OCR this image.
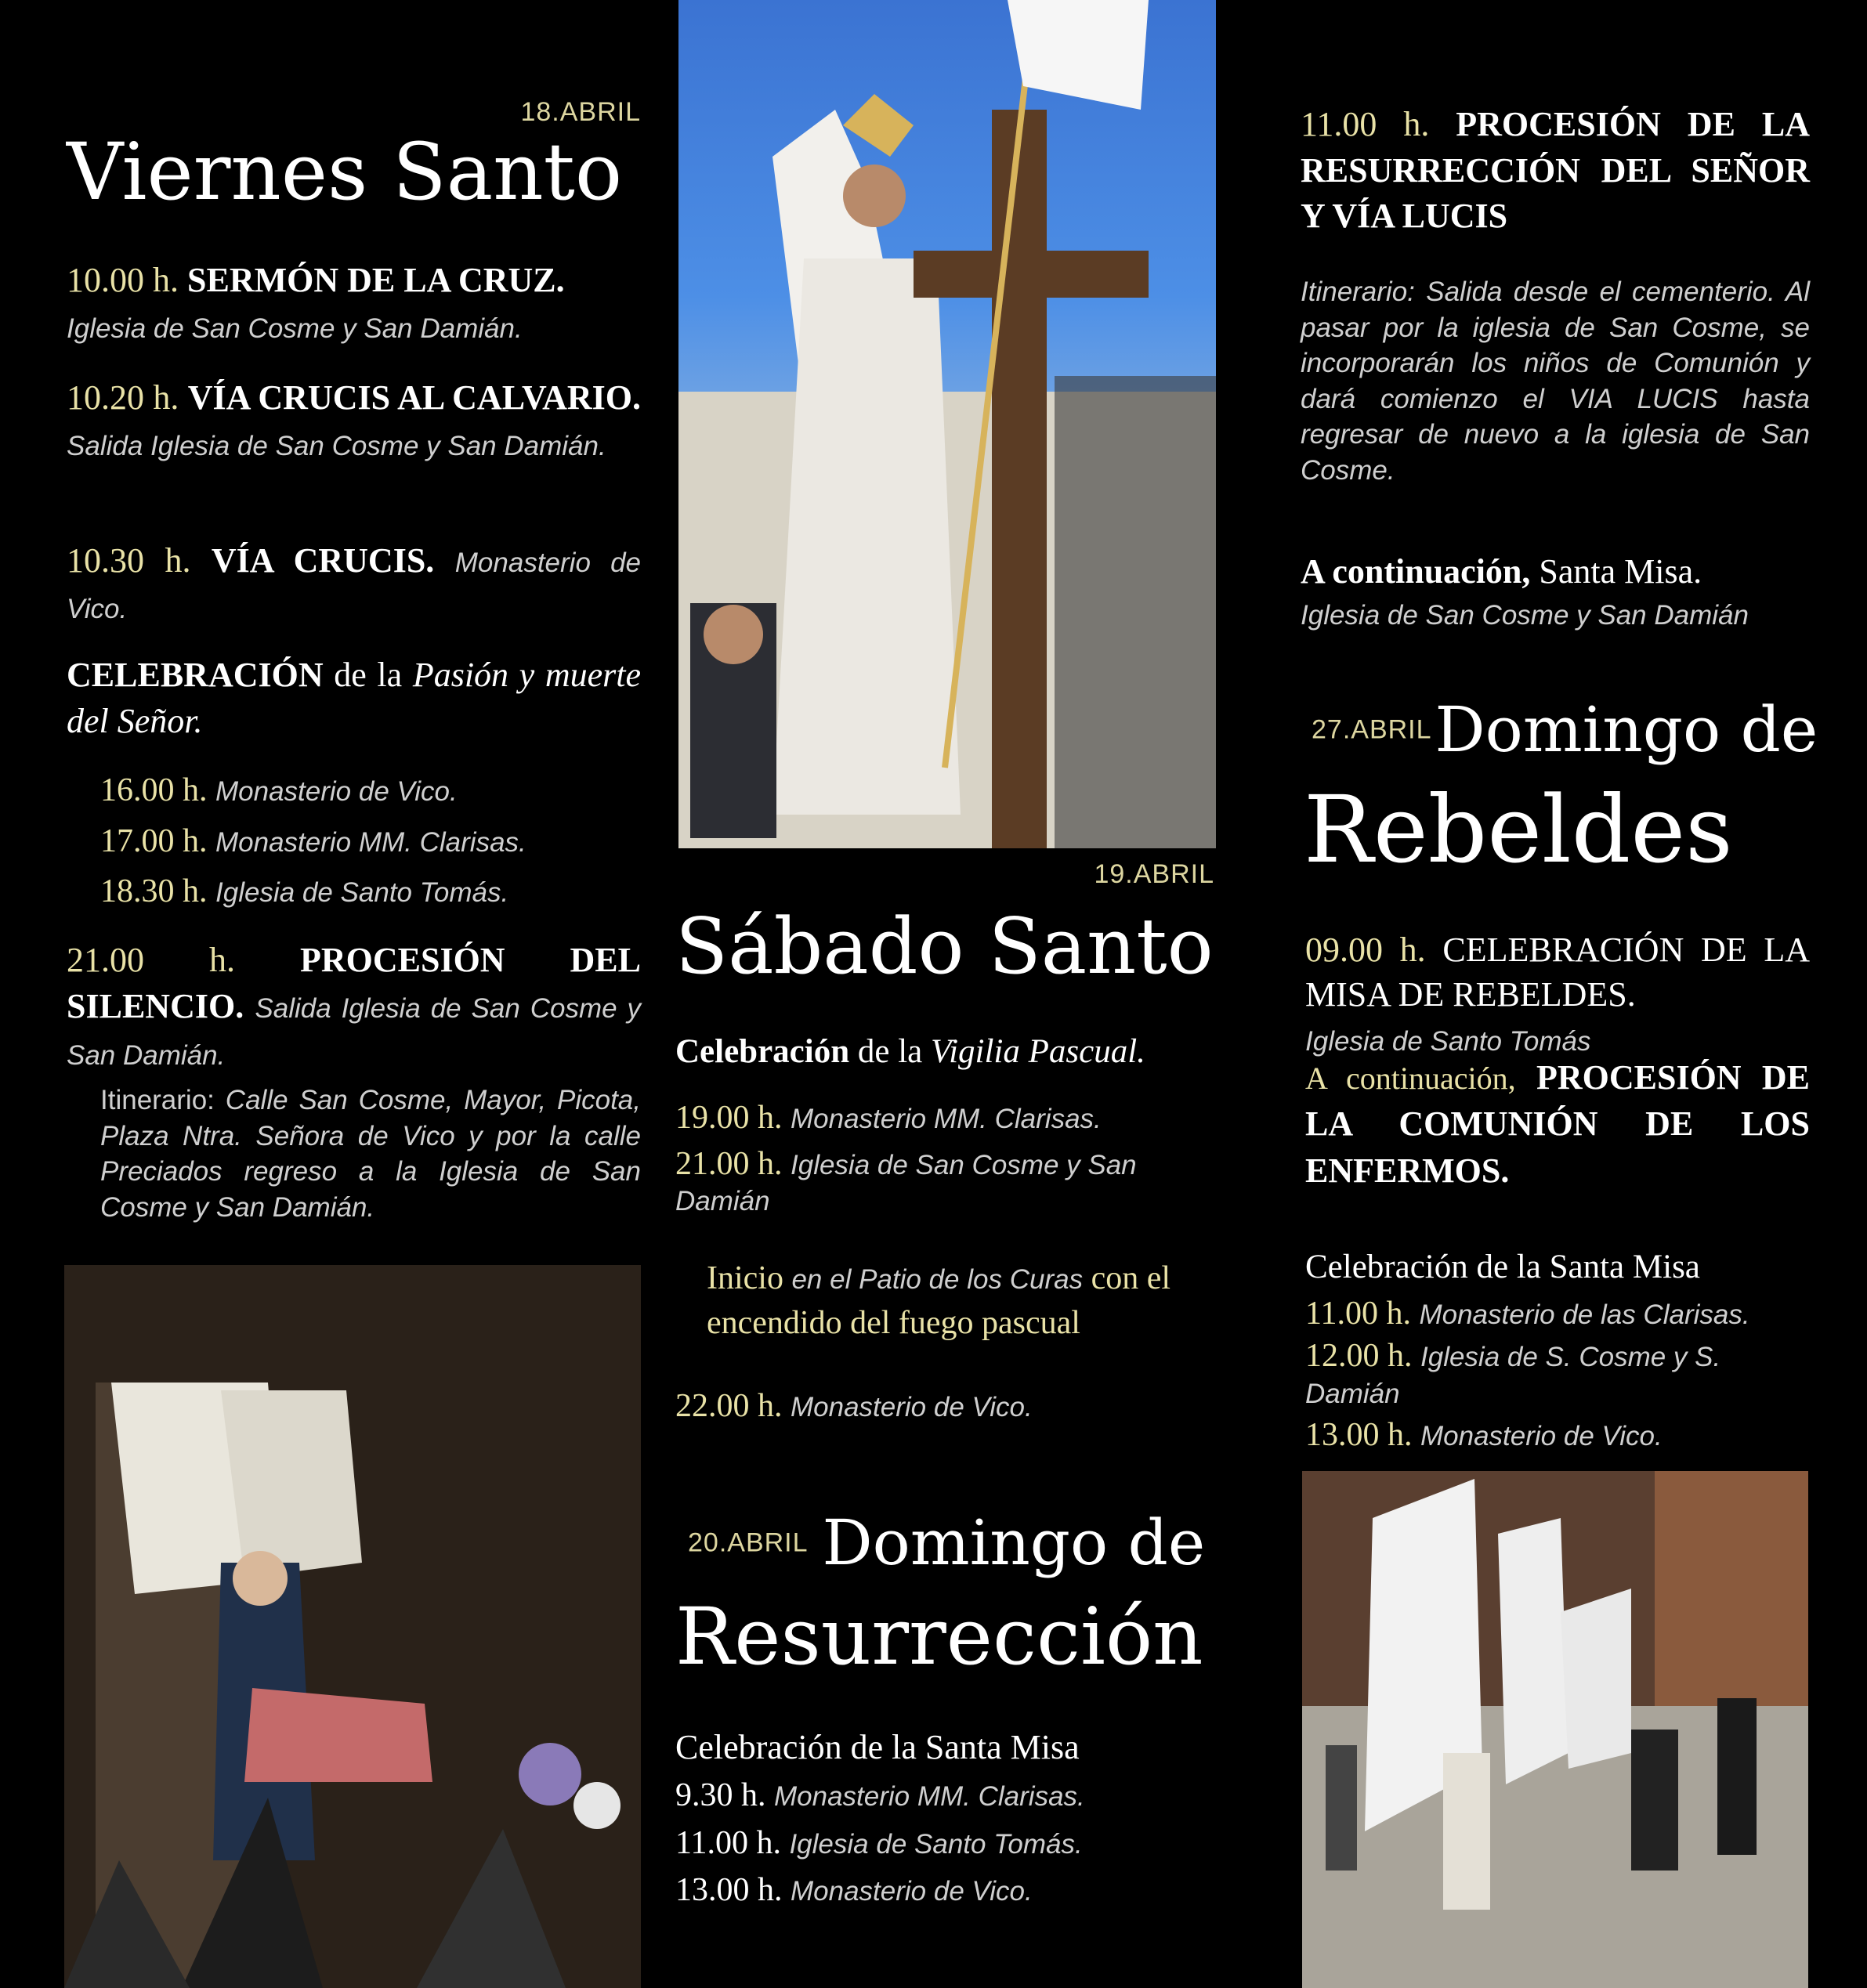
18.ABRIL
Viernes Santo

10.00 h. SERMÓN DE LA CRUZ.
Iglesia de San Cosme y San Damián.

10.20 h. VÍA CRUCIS AL CALVARIO. Salida Iglesia de San Cosme y San Damián.

10.30 h. VÍA CRUCIS. Monasterio de Vico.

CELEBRACIÓN de la Pasión y muerte del Señor.

16.00 h. Monasterio de Vico.

17.00 h. Monasterio MM. Clarisas.

18.30 h. Iglesia de Santo Tomás.

21.00 h. PROCESIÓN DEL SILENCIO. Salida Iglesia de San Cosme y San Damián.

Itinerario: Calle San Cosme, Mayor, Picota, Plaza Ntra. Señora de Vico y por la calle Preciados regreso a la Iglesia de San Cosme y San Damián.

19.ABRIL
Sábado Santo

Celebración de la Vigilia Pascual.

19.00 h. Monasterio MM. Clarisas.

21.00 h. Iglesia de San Cosme y San Damián

Inicio en el Patio de los Curas con el encendido del fuego pascual

22.00 h. Monasterio de Vico.

20.ABRIL Domingo de
Resurrección

Celebración de la Santa Misa

9.30 h. Monasterio MM. Clarisas.

11.00 h. Iglesia de Santo Tomás.

13.00 h. Monasterio de Vico.

11.00 h. PROCESIÓN DE LA RESURRECCIÓN DEL SEÑOR Y VÍA LUCIS

Itinerario: Salida desde el cementerio. Al pasar por la iglesia de San Cosme, se incorporarán los niños de Comunión y dará comienzo el VIA LUCIS hasta regresar de nuevo a la iglesia de San Cosme.

A continuación, Santa Misa.
Iglesia de San Cosme y San Damián

27.ABRIL Domingo de
Rebeldes

09.00 h. CELEBRACIÓN DE LA MISA DE REBELDES.
Iglesia de Santo Tomás

A continuación, PROCESIÓN DE LA COMUNIÓN DE LOS ENFERMOS.

Celebración de la Santa Misa

11.00 h. Monasterio de las Clarisas.

12.00 h. Iglesia de S. Cosme y S. Damián

13.00 h. Monasterio de Vico.
